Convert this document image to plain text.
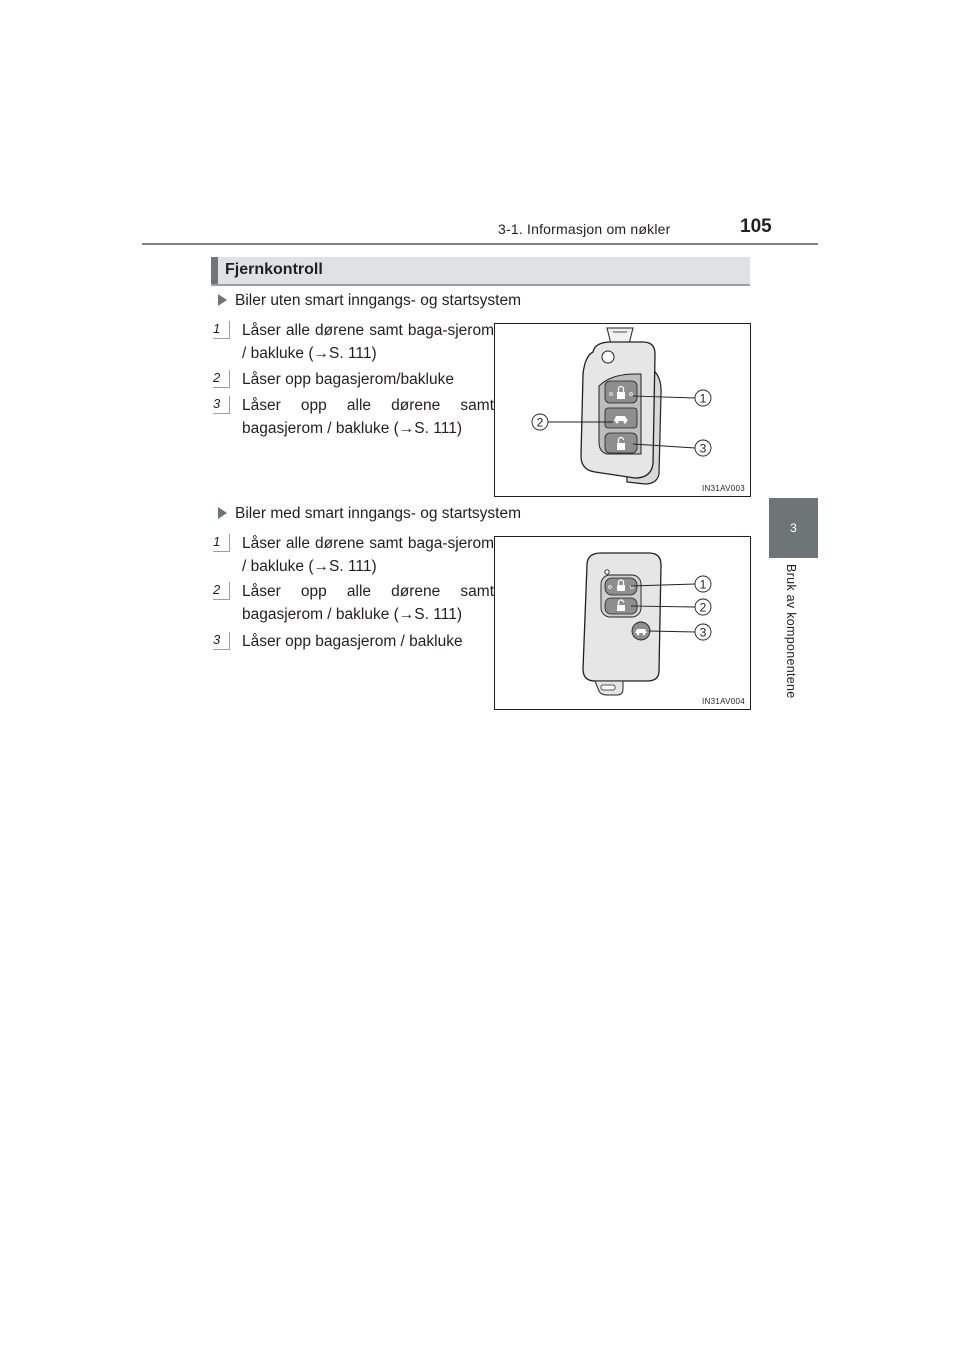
3-1. Informasjon om nøkler	105
3
Bruk av komponentene
Fjernkontroll
Biler uten smart inngangs- og startsystem
1	Låser alle dørene samt baga-sjerom / bakluke (→S. 111)
2	Låser opp bagasjerom/bakluke
3	Låser opp alle dørene samt bagasjerom / bakluke (→S. 111)
1
2
3
IN31AV003
Biler med smart inngangs- og startsystem
1	Låser alle dørene samt baga-sjerom / bakluke (→S. 111)
2	Låser opp alle dørene samt bagasjerom / bakluke (→S. 111)
3	Låser opp bagasjerom / bakluke
1
2
3
IN31AV004
